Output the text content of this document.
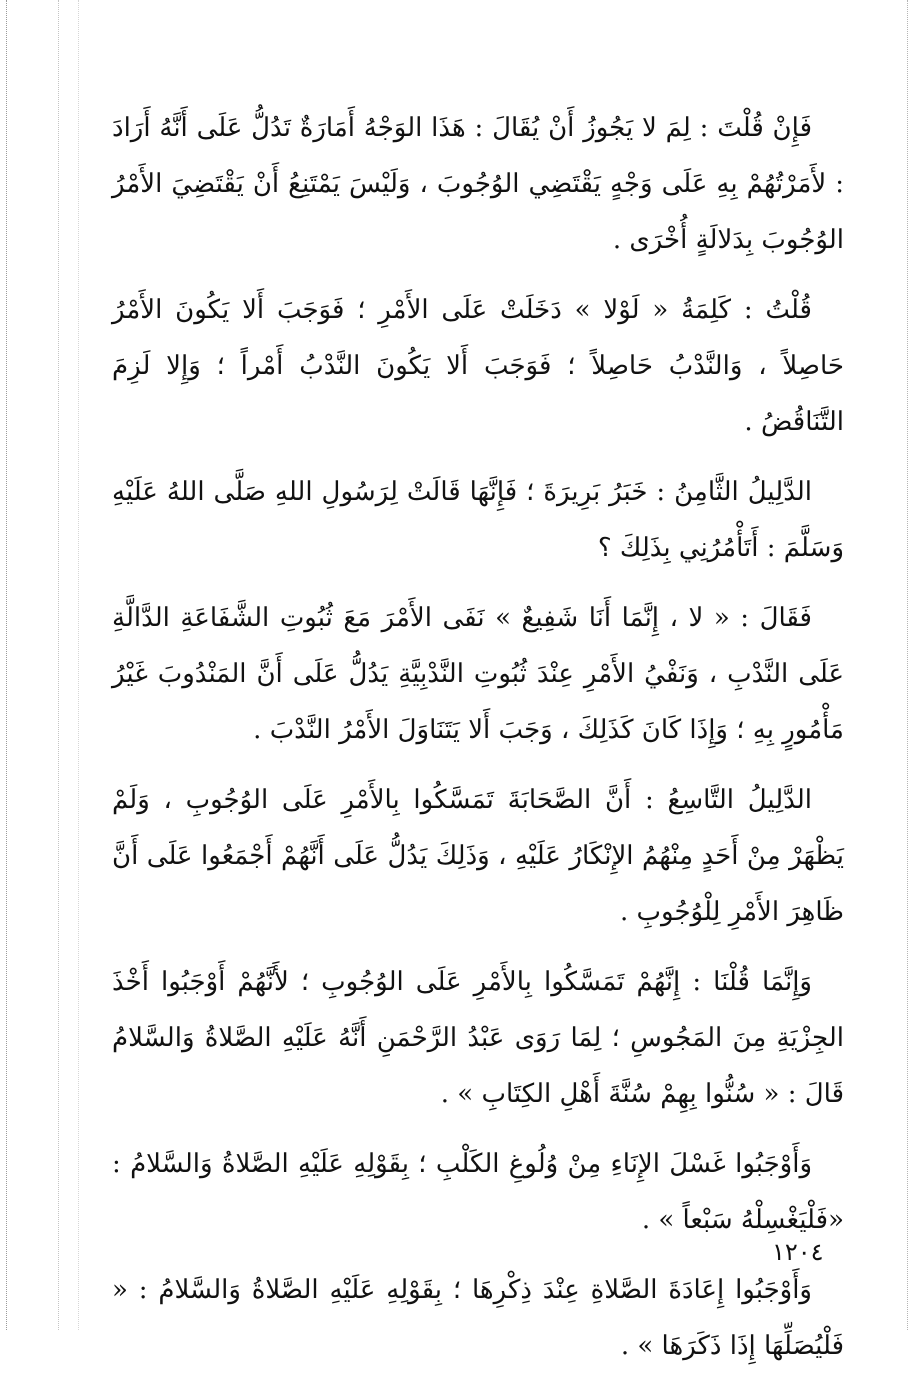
فَإِنْ قُلْتَ : لِمَ لا يَجُوزُ أَنْ يُقَالَ : هَذَا الوَجْهُ أَمَارَةٌ تَدُلُّ عَلَى أَنَّهُ أَرَادَ : لأَمَرْتُهُمْ بِهِ عَلَى وَجْهٍ يَقْتَضِي الوُجُوبَ ، وَلَيْسَ يَمْتَنِعُ أَنْ يَقْتَضِيَ الأَمْرُ الوُجُوبَ بِدَلالَةٍ أُخْرَى .

قُلْتُ : كَلِمَةُ « لَوْلا » دَخَلَتْ عَلَى الأَمْرِ ؛ فَوَجَبَ أَلا يَكُونَ الأَمْرُ حَاصِلاً ، وَالنَّدْبُ حَاصِلاً ؛ فَوَجَبَ أَلا يَكُونَ النَّدْبُ أَمْراً ؛ وَإِلا لَزِمَ التَّنَاقُضُ .

الدَّلِيلُ الثَّامِنُ : خَبَرُ بَرِيرَةَ ؛ فَإِنَّهَا قَالَتْ لِرَسُولِ اللهِ صَلَّى اللهُ عَلَيْهِ وَسَلَّمَ : أَتَأْمُرُنِي بِذَلِكَ ؟

فَقَالَ : « لا ، إِنَّمَا أَنَا شَفِيعٌ » نَفَى الأَمْرَ مَعَ ثُبُوتِ الشَّفَاعَةِ الدَّالَّةِ عَلَى النَّدْبِ ، وَنَفْيُ الأَمْرِ عِنْدَ ثُبُوتِ النَّدْبِيَّةِ يَدُلُّ عَلَى أَنَّ المَنْدُوبَ غَيْرُ مَأْمُورٍ بِهِ ؛ وَإِذَا كَانَ كَذَلِكَ ، وَجَبَ أَلا يَتَنَاوَلَ الأَمْرُ النَّدْبَ .

الدَّلِيلُ التَّاسِعُ : أَنَّ الصَّحَابَةَ تَمَسَّكُوا بِالأَمْرِ عَلَى الوُجُوبِ ، وَلَمْ يَظْهَرْ مِنْ أَحَدٍ مِنْهُمُ الإِنْكَارُ عَلَيْهِ ، وَذَلِكَ يَدُلُّ عَلَى أَنَّهُمْ أَجْمَعُوا عَلَى أَنَّ ظَاهِرَ الأَمْرِ لِلْوُجُوبِ .

وَإِنَّمَا قُلْنَا : إِنَّهُمْ تَمَسَّكُوا بِالأَمْرِ عَلَى الوُجُوبِ ؛ لأَنَّهُمْ أَوْجَبُوا أَخْذَ الجِزْيَةِ مِنَ المَجُوسِ ؛ لِمَا رَوَى عَبْدُ الرَّحْمَنِ أَنَّهُ عَلَيْهِ الصَّلاةُ وَالسَّلامُ قَالَ : « سُنُّوا بِهِمْ سُنَّةَ أَهْلِ الكِتَابِ » .

وَأَوْجَبُوا غَسْلَ الإِنَاءِ مِنْ وُلُوغِ الكَلْبِ ؛ بِقَوْلِهِ عَلَيْهِ الصَّلاةُ وَالسَّلامُ : «فَلْيَغْسِلْهُ سَبْعاً » .

وَأَوْجَبُوا إِعَادَةَ الصَّلاةِ عِنْدَ ذِكْرِهَا ؛ بِقَوْلِهِ عَلَيْهِ الصَّلاةُ وَالسَّلامُ : « فَلْيُصَلِّهَا إِذَا ذَكَرَهَا » .

١٢٠٤
